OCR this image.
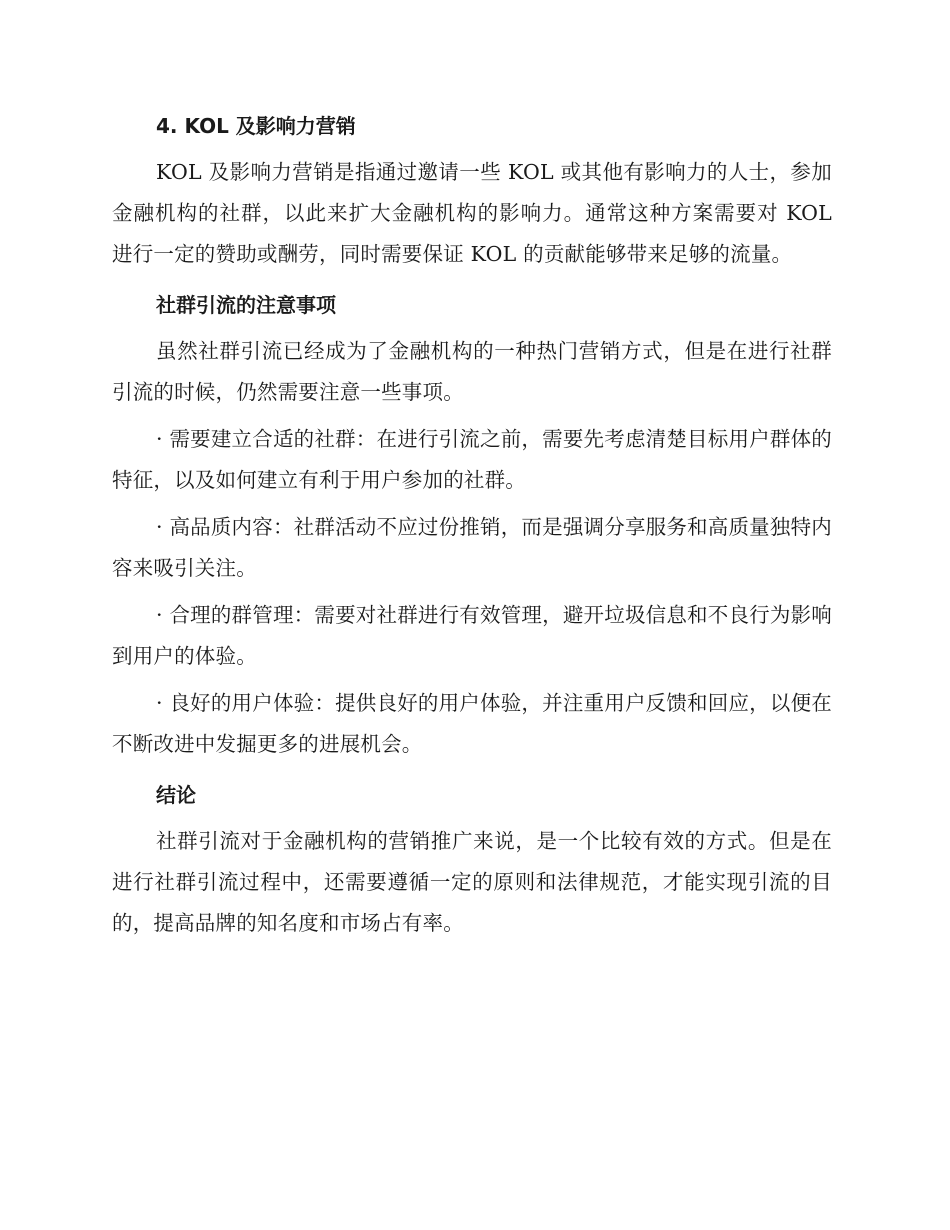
4. KOL 及影响力营销

KOL 及影响力营销是指通过邀请一些 KOL 或其他有影响力的人士，参加金融机构的社群，以此来扩大金融机构的影响力。通常这种方案需要对 KOL 进行一定的赞助或酬劳，同时需要保证 KOL 的贡献能够带来足够的流量。

社群引流的注意事项

虽然社群引流已经成为了金融机构的一种热门营销方式，但是在进行社群引流的时候，仍然需要注意一些事项。

· 需要建立合适的社群：在进行引流之前，需要先考虑清楚目标用户群体的特征，以及如何建立有利于用户参加的社群。

· 高品质内容：社群活动不应过份推销，而是强调分享服务和高质量独特内容来吸引关注。

· 合理的群管理：需要对社群进行有效管理，避开垃圾信息和不良行为影响到用户的体验。

· 良好的用户体验：提供良好的用户体验，并注重用户反馈和回应，以便在不断改进中发掘更多的进展机会。

结论

社群引流对于金融机构的营销推广来说，是一个比较有效的方式。但是在进行社群引流过程中，还需要遵循一定的原则和法律规范，才能实现引流的目的，提高品牌的知名度和市场占有率。
